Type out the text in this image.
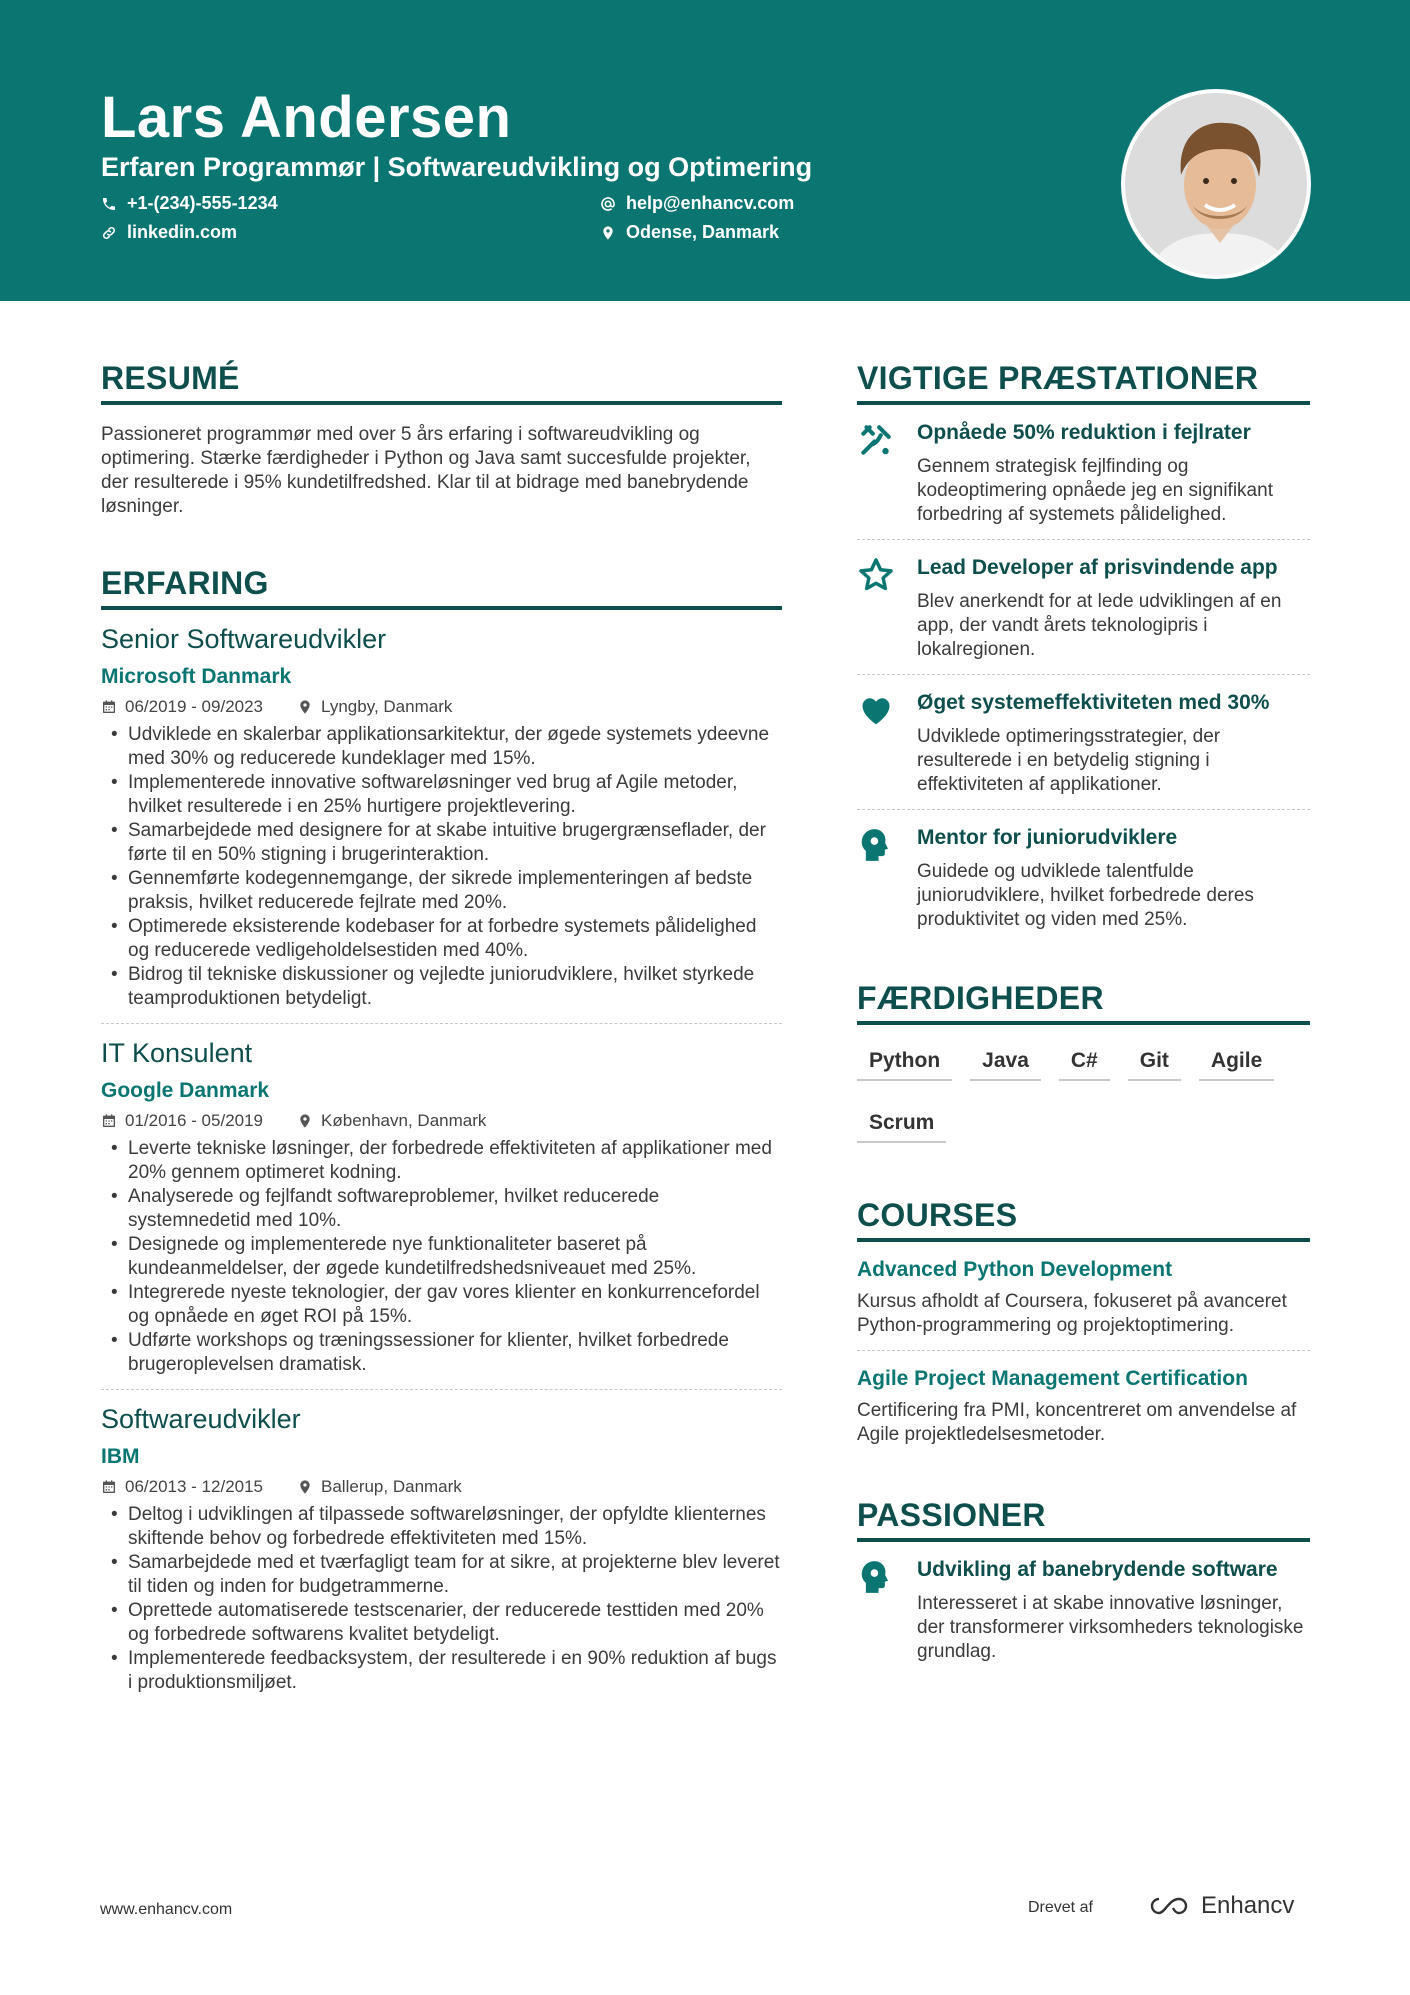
Lars Andersen
Erfaren Programmør | Softwareudvikling og Optimering
+1-(234)-555-1234	help@enhancv.com
linkedin.com	Odense, Danmark
RESUMÉ
Passioneret programmør med over 5 års erfaring i softwareudvikling og optimering. Stærke færdigheder i Python og Java samt succesfulde projekter, der resulterede i 95% kundetilfredshed. Klar til at bidrage med banebrydende løsninger.
ERFARING
Senior Softwareudvikler
Microsoft Danmark
06/2019 - 09/2023	Lyngby, Danmark
• Udviklede en skalerbar applikationsarkitektur, der øgede systemets ydeevne med 30% og reducerede kundeklager med 15%.
• Implementerede innovative softwareløsninger ved brug af Agile metoder, hvilket resulterede i en 25% hurtigere projektlevering.
• Samarbejdede med designere for at skabe intuitive brugergrænseflader, der førte til en 50% stigning i brugerinteraktion.
• Gennemførte kodegennemgange, der sikrede implementeringen af bedste praksis, hvilket reducerede fejlrate med 20%.
• Optimerede eksisterende kodebaser for at forbedre systemets pålidelighed og reducerede vedligeholdelsestiden med 40%.
• Bidrog til tekniske diskussioner og vejledte juniorudviklere, hvilket styrkede teamproduktionen betydeligt.
IT Konsulent
Google Danmark
01/2016 - 05/2019	København, Danmark
• Leverte tekniske løsninger, der forbedrede effektiviteten af applikationer med 20% gennem optimeret kodning.
• Analyserede og fejlfandt softwareproblemer, hvilket reducerede systemnedetid med 10%.
• Designede og implementerede nye funktionaliteter baseret på kundeanmeldelser, der øgede kundetilfredshedsniveauet med 25%.
• Integrerede nyeste teknologier, der gav vores klienter en konkurrencefordel og opnåede en øget ROI på 15%.
• Udførte workshops og træningssessioner for klienter, hvilket forbedrede brugeroplevelsen dramatisk.
Softwareudvikler
IBM
06/2013 - 12/2015	Ballerup, Danmark
• Deltog i udviklingen af tilpassede softwareløsninger, der opfyldte klienternes skiftende behov og forbedrede effektiviteten med 15%.
• Samarbejdede med et tværfagligt team for at sikre, at projekterne blev leveret til tiden og inden for budgetrammerne.
• Oprettede automatiserede testscenarier, der reducerede testtiden med 20% og forbedrede softwarens kvalitet betydeligt.
• Implementerede feedbacksystem, der resulterede i en 90% reduktion af bugs i produktionsmiljøet.
VIGTIGE PRÆSTATIONER
Opnåede 50% reduktion i fejlrater
Gennem strategisk fejlfinding og kodeoptimering opnåede jeg en signifikant forbedring af systemets pålidelighed.
Lead Developer af prisvindende app
Blev anerkendt for at lede udviklingen af en app, der vandt årets teknologipris i lokalregionen.
Øget systemeffektiviteten med 30%
Udviklede optimeringsstrategier, der resulterede i en betydelig stigning i effektiviteten af applikationer.
Mentor for juniorudviklere
Guidede og udviklede talentfulde juniorudviklere, hvilket forbedrede deres produktivitet og viden med 25%.
FÆRDIGHEDER
Python	Java	C#	Git	Agile
Scrum
COURSES
Advanced Python Development
Kursus afholdt af Coursera, fokuseret på avanceret Python-programmering og projektoptimering.
Agile Project Management Certification
Certificering fra PMI, koncentreret om anvendelse af Agile projektledelsesmetoder.
PASSIONER
Udvikling af banebrydende software
Interesseret i at skabe innovative løsninger, der transformerer virksomheders teknologiske grundlag.
www.enhancv.com	Drevet af	Enhancv
